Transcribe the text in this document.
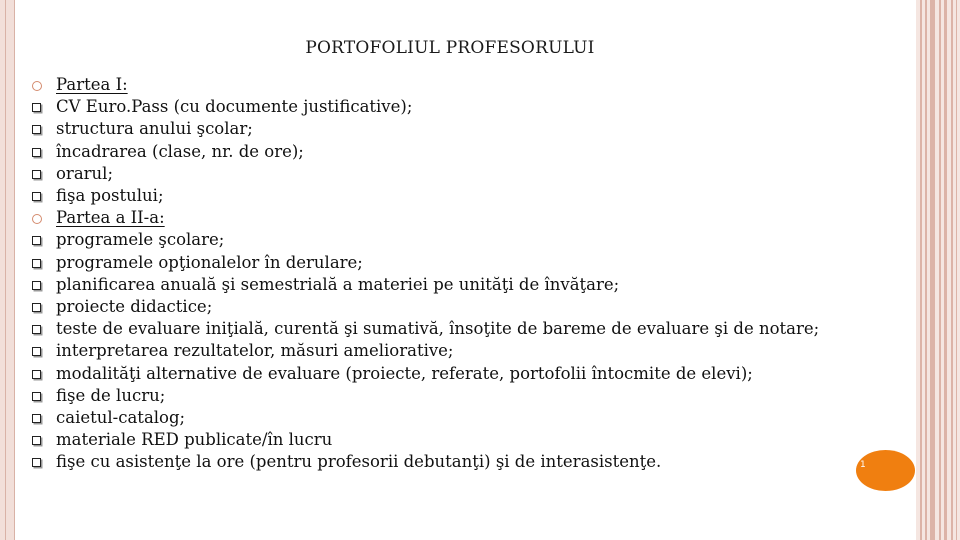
PORTOFOLIUL PROFESORULUI
Partea I:
CV Euro.Pass (cu documente justificative);
structura anului şcolar;
încadrarea (clase, nr. de ore);
orarul;
fişa postului;
Partea a II-a:
programele şcolare;
programele opţionalelor în derulare;
planificarea anuală şi semestrială a materiei pe unităţi de învăţare;
proiecte didactice;
teste de evaluare iniţială, curentă şi sumativă, însoţite de bareme de evaluare şi de notare;
interpretarea rezultatelor, măsuri ameliorative;
modalităţi alternative de evaluare (proiecte, referate, portofolii întocmite de elevi);
fişe de lucru;
caietul-catalog;
materiale RED publicate/în lucru
fişe cu asistenţe la ore (pentru profesorii debutanţi) şi de interasistenţe.	1
